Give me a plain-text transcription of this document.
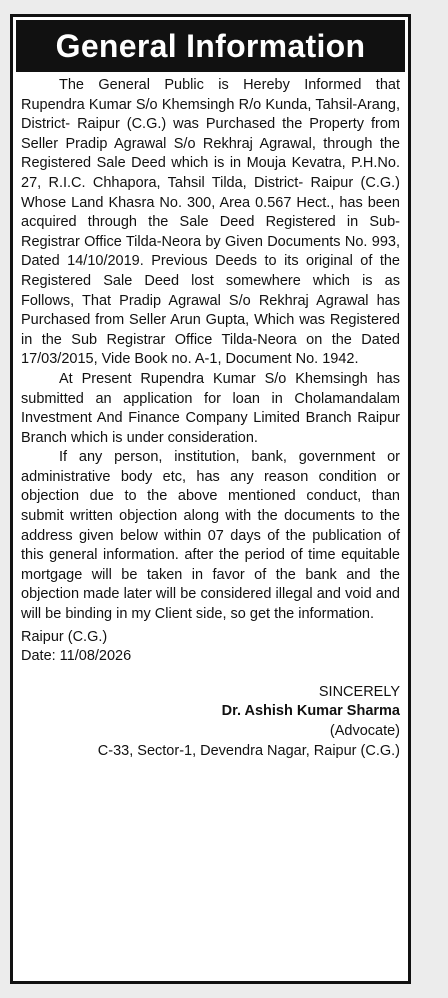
General Information

The General Public is Hereby Informed that Rupendra Kumar S/o Khemsingh R/o Kunda, Tahsil-Arang, District- Raipur (C.G.) was Purchased the Property from Seller Pradip Agrawal S/o Rekhraj Agrawal, through the Registered Sale Deed which is in Mouja Kevatra, P.H.No. 27, R.I.C. Chhapora, Tahsil Tilda, District- Raipur (C.G.) Whose Land Khasra No. 300, Area 0.567 Hect., has been acquired through the Sale Deed Registered in Sub-Registrar Office Tilda-Neora by Given Documents No. 993, Dated 14/10/2019. Previous Deeds to its original of the Registered Sale Deed lost somewhere which is as Follows, That Pradip Agrawal S/o Rekhraj Agrawal has Purchased from Seller Arun Gupta, Which was Registered in the Sub Registrar Office Tilda-Neora on the Dated 17/03/2015, Vide Book no. A-1, Document No. 1942.

At Present Rupendra Kumar S/o Khemsingh has submitted an application for loan in Cholamandalam Investment And Finance Company Limited Branch Raipur Branch which is under consideration.

If any person, institution, bank, government or administrative body etc, has any reason condition or objection due to the above mentioned conduct, than submit written objection along with the documents to the address given below within 07 days of the publication of this general information. after the period of time equitable mortgage will be taken in favor of the bank and the objection made later will be considered illegal and void and will be binding in my Client side, so get the information.

Raipur (C.G.)

Date: 11/08/2026

SINCERELY

Dr. Ashish Kumar Sharma

(Advocate)

C-33, Sector-1, Devendra Nagar, Raipur (C.G.)
